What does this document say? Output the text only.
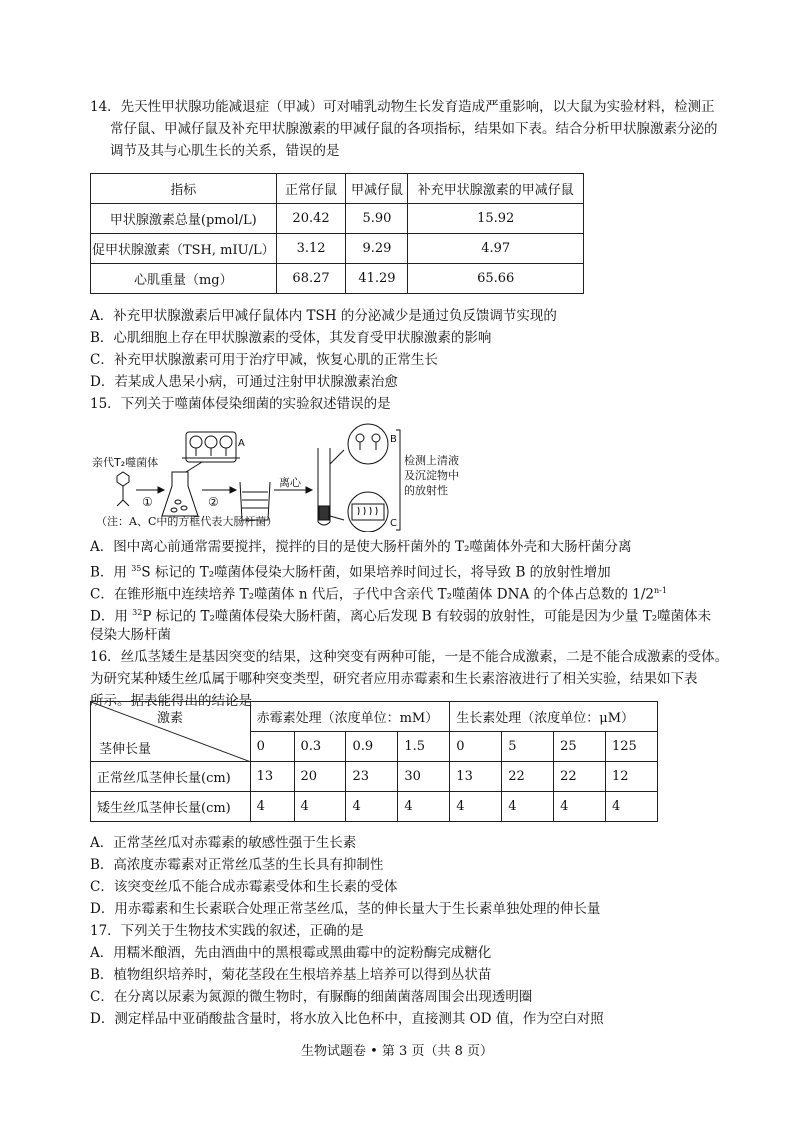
14．先天性甲状腺功能减退症（甲减）可对哺乳动物生长发育造成严重影响，以大鼠为实验材料，检测正
常仔鼠、甲减仔鼠及补充甲状腺激素的甲减仔鼠的各项指标，结果如下表。结合分析甲状腺激素分泌的
调节及其与心肌生长的关系，错误的是
指标	正常仔鼠	甲减仔鼠	补充甲状腺激素的甲减仔鼠
甲状腺激素总量(pmol/L)	20.42	5.90	15.92
促甲状腺激素（TSH, mIU/L）	3.12	9.29	4.97
心肌重量（mg）	68.27	41.29	65.66
A．补充甲状腺激素后甲减仔鼠体内 TSH 的分泌减少是通过负反馈调节实现的
B．心肌细胞上存在甲状腺激素的受体，其发育受甲状腺激素的影响
C．补充甲状腺激素可用于治疗甲减，恢复心肌的正常生长
D．若某成人患呆小病，可通过注射甲状腺激素治愈
15．下列关于噬菌体侵染细菌的实验叙述错误的是
亲代T₂噬菌体
①	②
离心
A	B
C
检测上清液
及沉淀物中
的放射性
（注：A、C中的方框代表大肠杆菌）
A．图中离心前通常需要搅拌，搅拌的目的是使大肠杆菌外的 T₂噬菌体外壳和大肠杆菌分离
B．用 $^{35}$S 标记的 T₂噬菌体侵染大肠杆菌，如果培养时间过长，将导致 B 的放射性增加
C．在锥形瓶中连续培养 T₂噬菌体 n 代后，子代中含亲代 T₂噬菌体 DNA 的个体占总数的 1/2$^{n-1}$
D．用 $^{32}$P 标记的 T₂噬菌体侵染大肠杆菌，离心后发现 B 有较弱的放射性，可能是因为少量 T₂噬菌体未
侵染大肠杆菌
16．丝瓜茎矮生是基因突变的结果，这种突变有两种可能，一是不能合成激素，二是不能合成激素的受体。
为研究某种矮生丝瓜属于哪种突变类型，研究者应用赤霉素和生长素溶液进行了相关实验，结果如下表
所示。据表能得出的结论是
激素
茎伸长量	赤霉素处理（浓度单位：mM）				生长素处理（浓度单位：μM）			
	0	0.3	0.9	1.5	0	5	25	125
正常丝瓜茎伸长量(cm)	13	20	23	30	13	22	22	12
矮生丝瓜茎伸长量(cm)	4	4	4	4	4	4	4	4
A．正常茎丝瓜对赤霉素的敏感性强于生长素
B．高浓度赤霉素对正常丝瓜茎的生长具有抑制性
C．该突变丝瓜不能合成赤霉素受体和生长素的受体
D．用赤霉素和生长素联合处理正常茎丝瓜，茎的伸长量大于生长素单独处理的伸长量
17．下列关于生物技术实践的叙述，正确的是
A．用糯米酿酒，先由酒曲中的黑根霉或黑曲霉中的淀粉酶完成糖化
B．植物组织培养时，菊花茎段在生根培养基上培养可以得到丛状苗
C．在分离以尿素为氮源的微生物时，有脲酶的细菌菌落周围会出现透明圈
D．测定样品中亚硝酸盐含量时，将水放入比色杯中，直接测其 OD 值，作为空白对照
生物试题卷 • 第 3 页（共 8 页）
